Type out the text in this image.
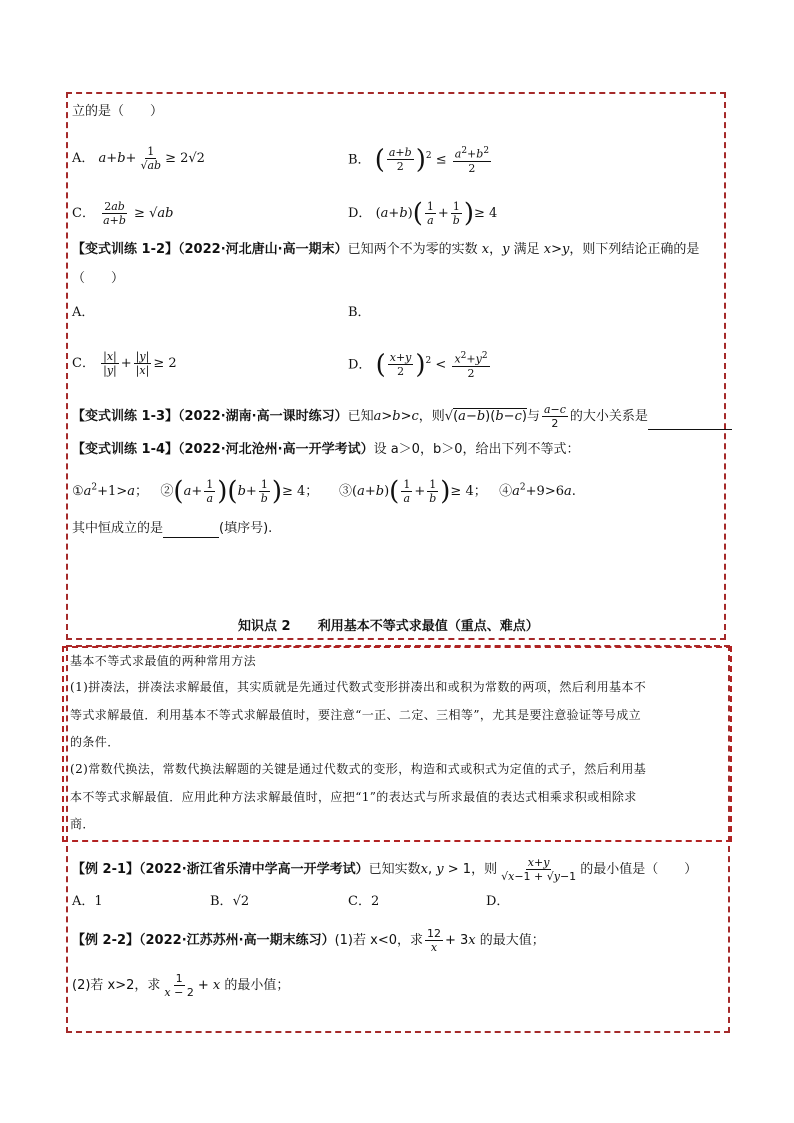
立的是（　　）
A． $a+b+ \frac{1}{√ab} \ge 2√2$	B． ( $\frac{a+b}{2} )^2 \le \frac{a^2+b^2}{2}$
C． $\frac{2ab}{a+b} \ge √ab$	D． $(a+b)( \frac{1}{a} + \frac{1}{b}$ )≥ 4
【变式训练 1-2】（2022·河北唐山·高一期末）已知两个不为零的实数 x，y 满足 x>y，则下列结论正确的是
（　　）
A．	B．
C． $\frac{|x|}{|y|} + \frac{|y|}{|x|} \ge 2$	D． ( $\frac{x+y}{2} )^2 < \frac{x^2+y^2}{2}$
【变式训练 1-3】（2022·湖南·高一课时练习）已知a>b>c，则√(a−b)(b−c)与 $\frac{a-c}{2}$ 的大小关系是
【变式训练 1-4】（2022·河北沧州·高一开学考试）设 a＞0，b＞0，给出下列不等式：
$①a^2+1>a$； ②(a+ $\frac{1}{a} )(b+ \frac{1}{b}$ )≥ 4； ③(a+b)( $\frac{1}{a} + \frac{1}{b}$ )≥ 4； $④a^2+9>6a$.
其中恒成立的是	(填序号).
知识点 2 利用基本不等式求最值（重点、难点）
基本不等式求最值的两种常用方法
(1)拼凑法，拼凑法求解最值，其实质就是先通过代数式变形拼凑出和或积为常数的两项，然后利用基本不
等式求解最值．利用基本不等式求解最值时，要注意“一正、二定、三相等”，尤其是要注意验证等号成立
的条件．
(2)常数代换法，常数代换法解题的关键是通过代数式的变形，构造和式或积式为定值的式子，然后利用基
本不等式求解最值．应用此种方法求解最值时，应把“1”的表达式与所求最值的表达式相乘求积或相除求
商．
【例 2-1】（2022·浙江省乐清中学高一开学考试）已知实数x, y > 1，则 $\frac{x+y}{√x-1 + √y-1}$ 的最小值是（　　）
A．1	B．√2	C．2	D．
【例 2-2】（2022·江苏苏州·高一期末练习）(1)若 x<0，求 $\frac{12}{x} + 3x$ 的最大值；
(2)若 x>2，求 $\frac{1}{x - 2} + x$ 的最小值；
